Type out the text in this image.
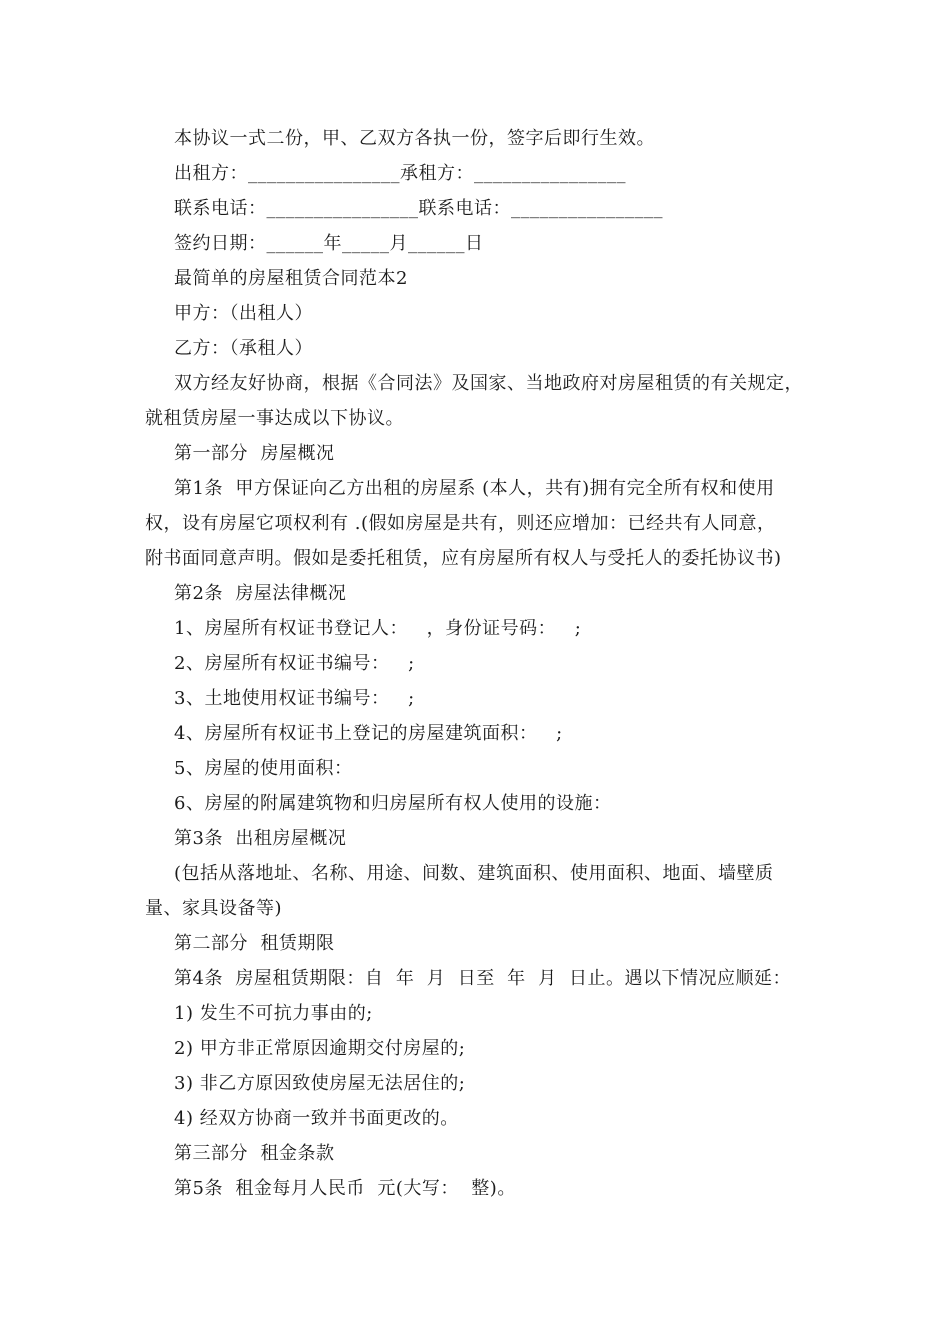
本协议一式二份，甲、乙双方各执一份，签字后即行生效。
出租方：________________承租方：________________
联系电话：________________联系电话：________________
签约日期：______年_____月______日
最简单的房屋租赁合同范本2
甲方：（出租人）
乙方：（承租人）
双方经友好协商，根据《合同法》及国家、当地政府对房屋租赁的有关规定，
就租赁房屋一事达成以下协议。
第一部分  房屋概况
第1条  甲方保证向乙方出租的房屋系 (本人，共有)拥有完全所有权和使用
权，设有房屋它项权利有 .(假如房屋是共有，则还应增加：已经共有人同意，
附书面同意声明。假如是委托租赁，应有房屋所有权人与受托人的委托协议书)
第2条  房屋法律概况
1、房屋所有权证书登记人：   ，身份证号码：   ;
2、房屋所有权证书编号：   ;
3、土地使用权证书编号：   ;
4、房屋所有权证书上登记的房屋建筑面积：   ;
5、房屋的使用面积：
6、房屋的附属建筑物和归房屋所有权人使用的设施：
第3条  出租房屋概况
(包括从落地址、名称、用途、间数、建筑面积、使用面积、地面、墙壁质
量、家具设备等)
第二部分  租赁期限
第4条  房屋租赁期限：自  年  月  日至  年  月  日止。遇以下情况应顺延：
1) 发生不可抗力事由的;
2) 甲方非正常原因逾期交付房屋的;
3) 非乙方原因致使房屋无法居住的;
4) 经双方协商一致并书面更改的。
第三部分  租金条款
第5条  租金每月人民币  元(大写：  整)。
